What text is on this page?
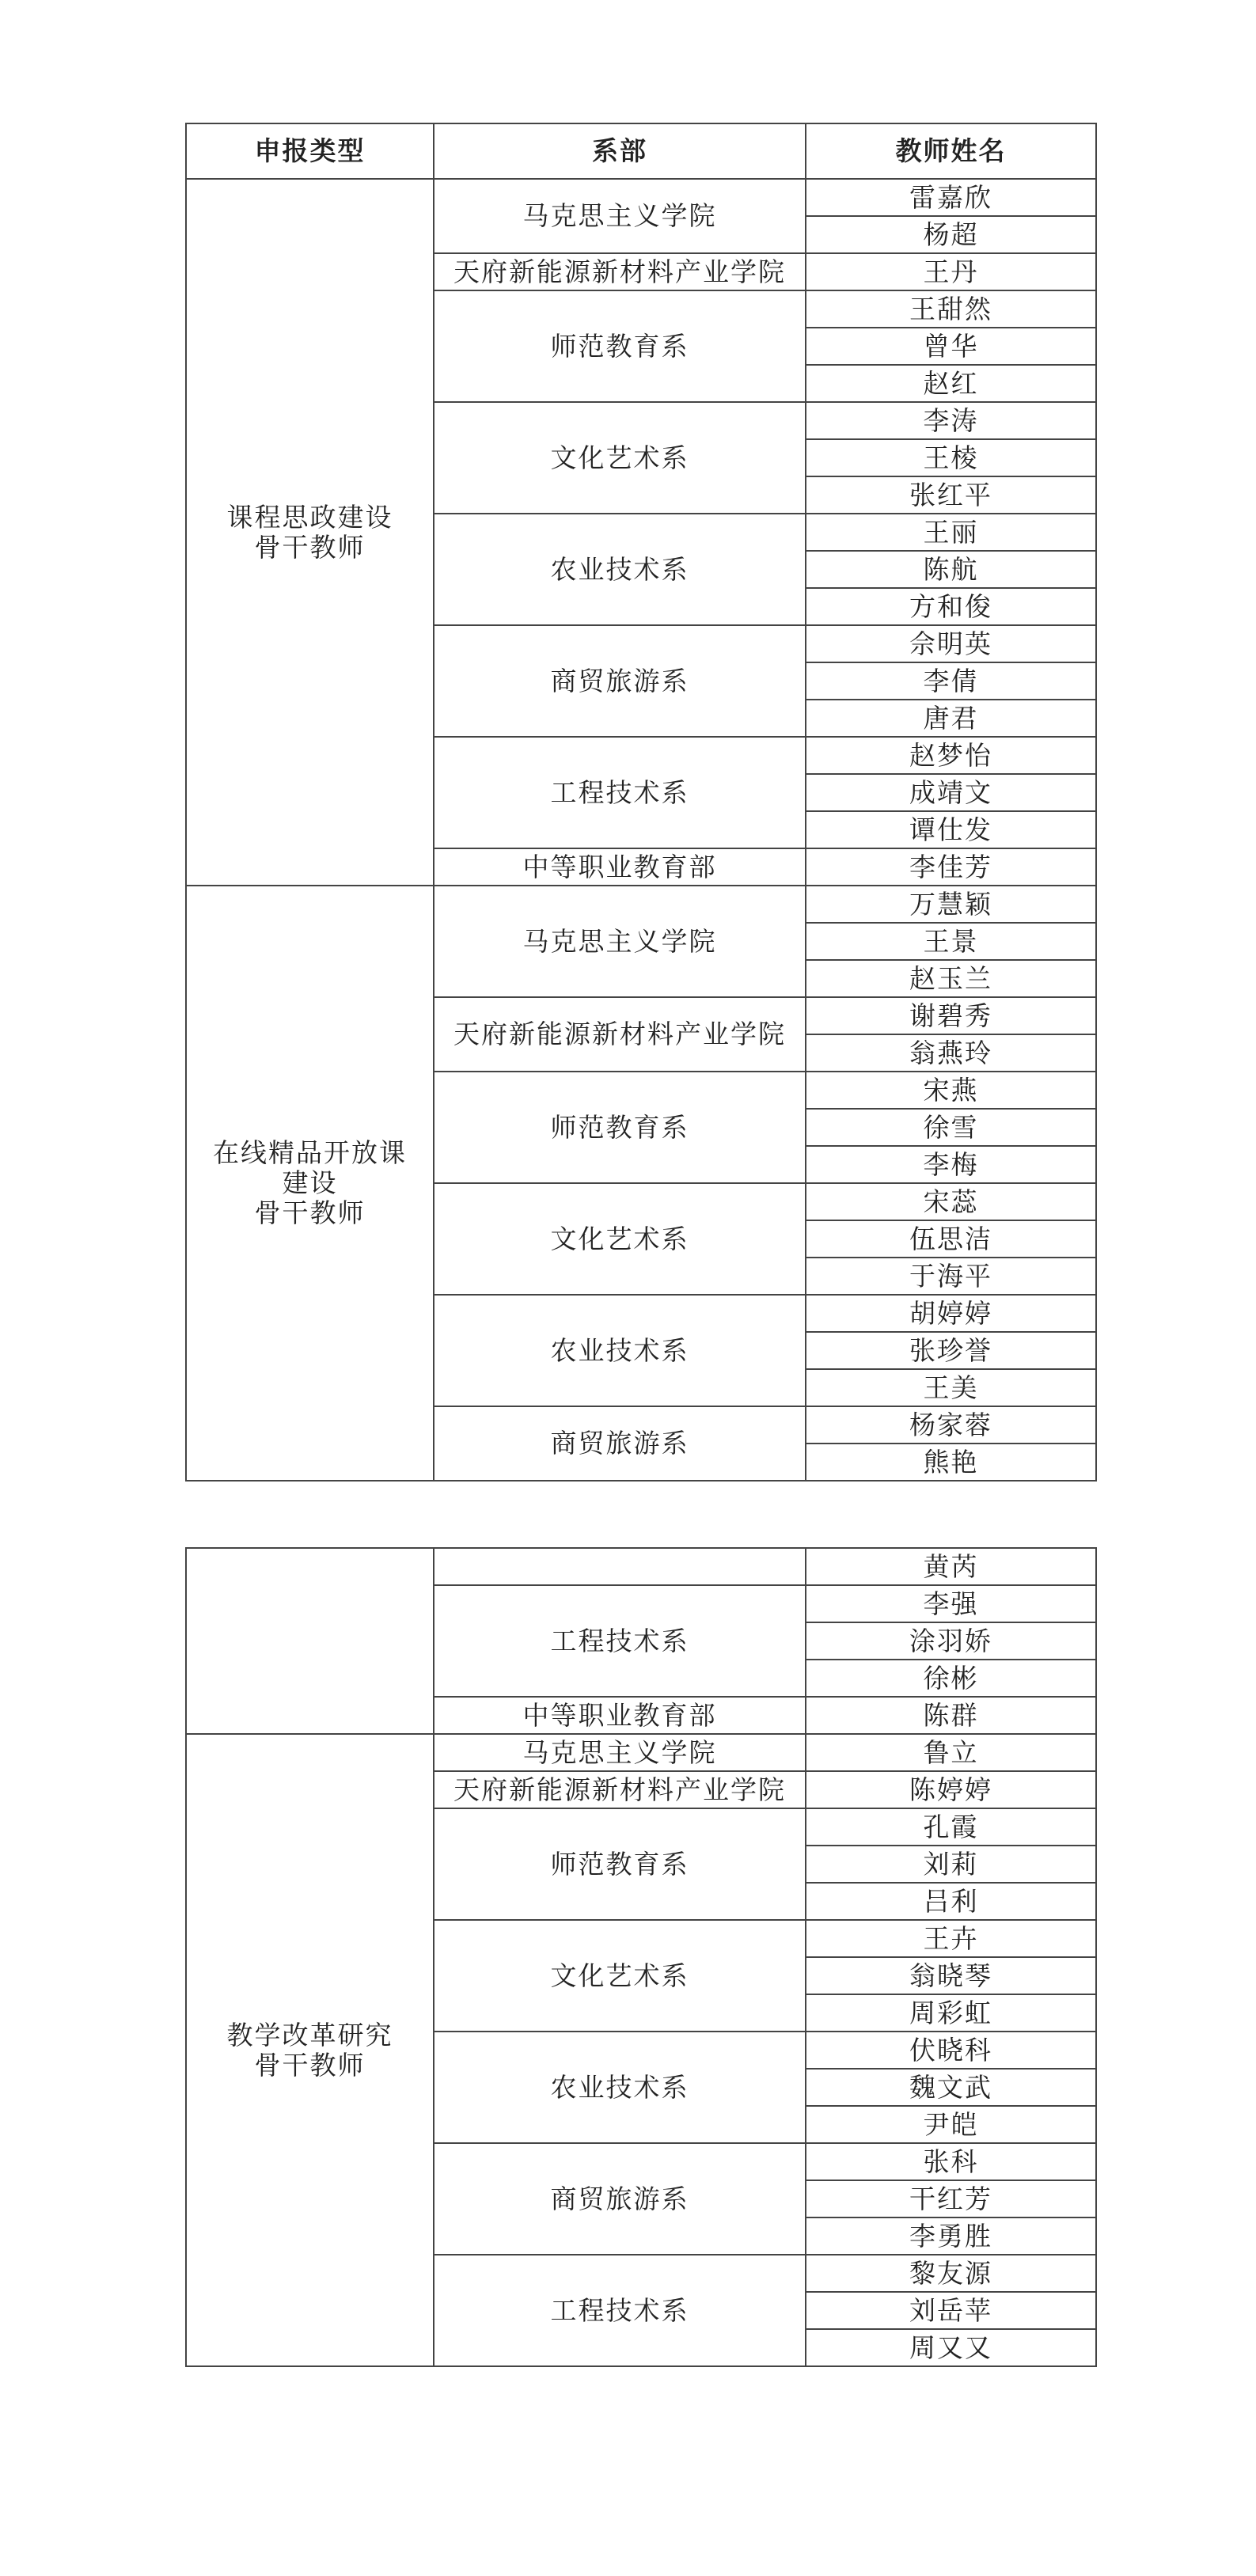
申报类型	系部	教师姓名
课程思政建设
骨干教师	马克思主义学院	雷嘉欣
		杨超
	天府新能源新材料产业学院	王丹
	师范教育系	王甜然
		曾华
		赵红
	文化艺术系	李涛
		王棱
		张红平
	农业技术系	王丽
		陈航
		方和俊
	商贸旅游系	佘明英
		李倩
		唐君
	工程技术系	赵梦怡
		成靖文
		谭仕发
	中等职业教育部	李佳芳
在线精品开放课
建设
骨干教师	马克思主义学院	万慧颖
		王景
		赵玉兰
	天府新能源新材料产业学院	谢碧秀
		翁燕玲
	师范教育系	宋燕
		徐雪
		李梅
	文化艺术系	宋蕊
		伍思洁
		于海平
	农业技术系	胡婷婷
		张珍誉
		王美
	商贸旅游系	杨家蓉
		熊艳
		黄芮
	工程技术系	李强
		涂羽娇
		徐彬
	中等职业教育部	陈群
教学改革研究
骨干教师	马克思主义学院	鲁立
	天府新能源新材料产业学院	陈婷婷
	师范教育系	孔霞
		刘莉
		吕利
	文化艺术系	王卉
		翁晓琴
		周彩虹
	农业技术系	伏晓科
		魏文武
		尹皑
	商贸旅游系	张科
		干红芳
		李勇胜
	工程技术系	黎友源
		刘岳苹
		周又又
